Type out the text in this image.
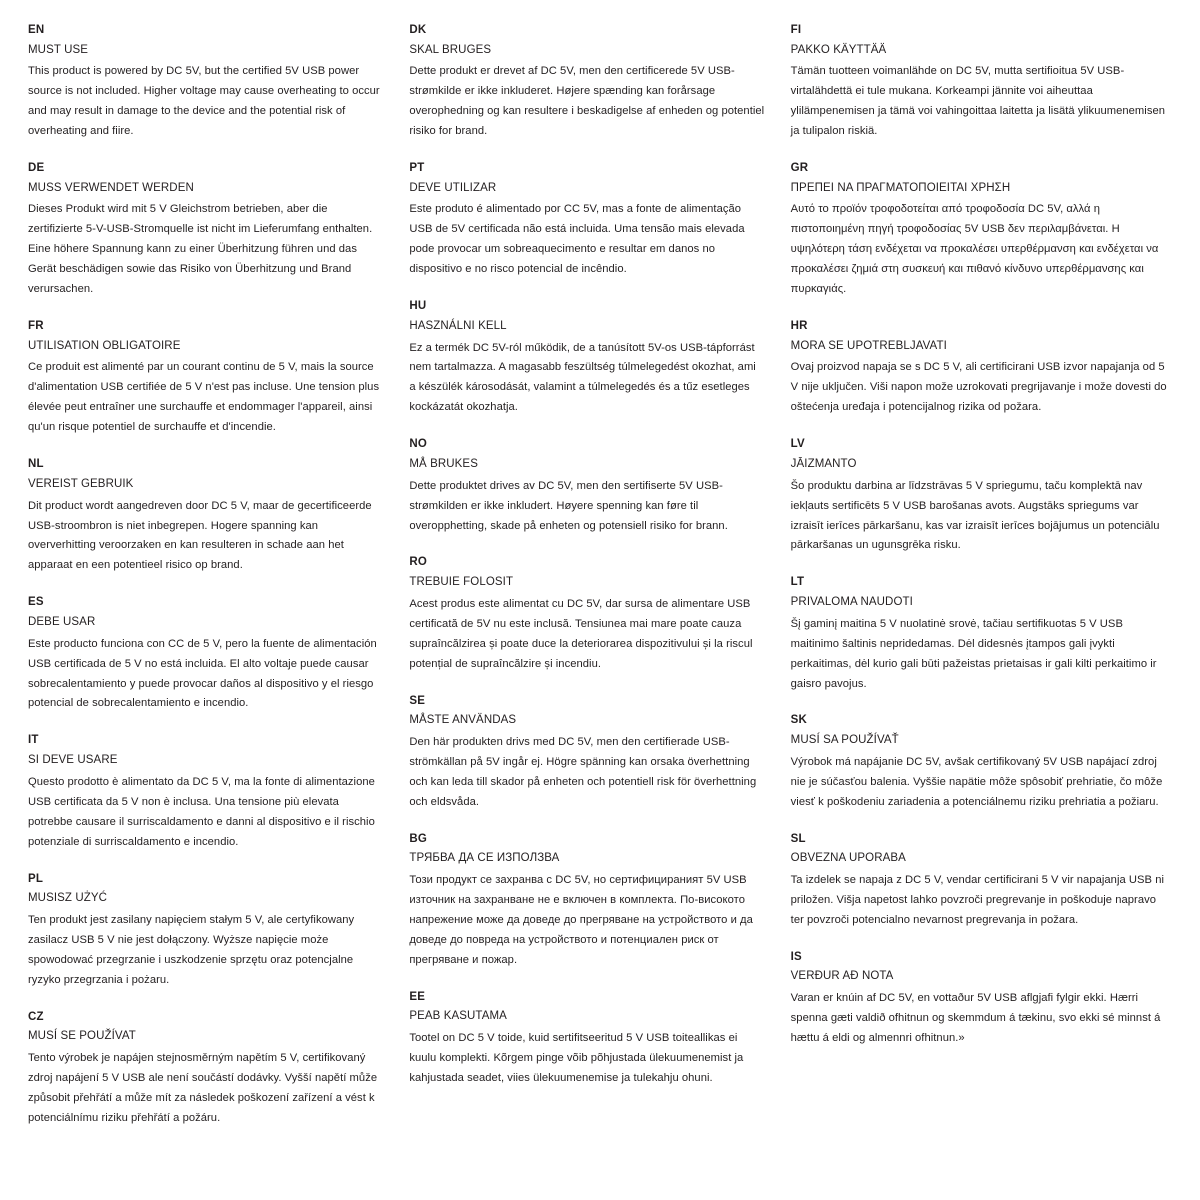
EN
MUST USE
This product is powered by DC 5V, but the certified 5V USB power source is not included. Higher voltage may cause overheating to occur and may result in damage to the device and the potential risk of overheating and fiire.
DE
MUSS VERWENDET WERDEN
Dieses Produkt wird mit 5 V Gleichstrom betrieben, aber die zertifizierte 5-V-USB-Stromquelle ist nicht im Lieferumfang enthalten. Eine höhere Spannung kann zu einer Überhitzung führen und das Gerät beschädigen sowie das Risiko von Überhitzung und Brand verursachen.
FR
UTILISATION OBLIGATOIRE
Ce produit est alimenté par un courant continu de 5 V, mais la source d'alimentation USB certifiée de 5 V n'est pas incluse. Une tension plus élevée peut entraîner une surchauffe et endommager l'appareil, ainsi qu'un risque potentiel de surchauffe et d'incendie.
NL
VEREIST GEBRUIK
Dit product wordt aangedreven door DC 5 V, maar de gecertificeerde USB-stroombron is niet inbegrepen. Hogere spanning kan oververhitting veroorzaken en kan resulteren in schade aan het apparaat en een potentieel risico op brand.
ES
DEBE USAR
Este producto funciona con CC de 5 V, pero la fuente de alimentación USB certificada de 5 V no está incluida. El alto voltaje puede causar sobrecalentamiento y puede provocar daños al dispositivo y el riesgo potencial de sobrecalentamiento e incendio.
IT
SI DEVE USARE
Questo prodotto è alimentato da DC 5 V, ma la fonte di alimentazione USB certificata da 5 V non è inclusa. Una tensione più elevata potrebbe causare il surriscaldamento e danni al dispositivo e il rischio potenziale di surriscaldamento e incendio.
PL
MUSISZ UŻYĆ
Ten produkt jest zasilany napięciem stałym 5 V, ale certyfikowany zasilacz USB 5 V nie jest dołączony. Wyższe napięcie może spowodować przegrzanie i uszkodzenie sprzętu oraz potencjalne ryzyko przegrzania i pożaru.
CZ
MUSÍ SE POUŽÍVAT
Tento výrobek je napájen stejnosměrným napětím 5 V, certifikovaný zdroj napájení 5 V USB ale není součástí dodávky. Vyšší napětí může způsobit přehřátí a může mít za následek poškození zařízení a vést k potenciálnímu riziku přehřátí a požáru.
DK
SKAL BRUGES
Dette produkt er drevet af DC 5V, men den certificerede 5V USB-strømkilde er ikke inkluderet. Højere spænding kan forårsage overophedning og kan resultere i beskadigelse af enheden og potentiel risiko for brand.
PT
DEVE UTILIZAR
Este produto é alimentado por CC 5V, mas a fonte de alimentação USB de 5V certificada não está incluida. Uma tensão mais elevada pode provocar um sobreaquecimento e resultar em danos no dispositivo e no risco potencial de incêndio.
HU
HASZNÁLNI KELL
Ez a termék DC 5V-ról működik, de a tanúsított 5V-os USB-tápforrást nem tartalmazza. A magasabb feszültség túlmelegedést okozhat, ami a készülék károsodását, valamint a túlmelegedés és a tűz esetleges kockázatát okozhatja.
NO
MÅ BRUKES
Dette produktet drives av DC 5V, men den sertifiserte 5V USB-strømkilden er ikke inkludert. Høyere spenning kan føre til overopphetting, skade på enheten og potensiell risiko for brann.
RO
TREBUIE FOLOSIT
Acest produs este alimentat cu DC 5V, dar sursa de alimentare USB certificată de 5V nu este inclusă. Tensiunea mai mare poate cauza supraîncălzirea și poate duce la deteriorarea dispozitivului și la riscul potențial de supraîncălzire și incendiu.
SE
MÅSTE ANVÄNDAS
Den här produkten drivs med DC 5V, men den certifierade USB-strömkällan på 5V ingår ej. Högre spänning kan orsaka överhettning och kan leda till skador på enheten och potentiell risk för överhettning och eldsvåda.
BG
ТРЯБВА ДА СЕ ИЗПОЛЗВА
Този продукт се захранва с DC 5V, но сертифицираният 5V USB източник на захранване не е включен в комплекта. По-високото напрежение може да доведе до прегряване на устройството и да доведе до повреда на устройството и потенциален риск от прегряване и пожар.
EE
PEAB KASUTAMA
Tootel on DC 5 V toide, kuid sertifitseeritud 5 V USB toiteallikas ei kuulu komplekti. Kõrgem pinge võib põhjustada ülekuumenemist ja kahjustada seadet, viies ülekuumenemise ja tulekahju ohuni.
FI
PAKKO KÄYTTÄÄ
Tämän tuotteen voimanlähde on DC 5V, mutta sertifioitua 5V USB-virtalähdettä ei tule mukana. Korkeampi jännite voi aiheuttaa ylilämpenemisen ja tämä voi vahingoittaa laitetta ja lisätä ylikuumenemisen ja tulipalon riskiä.
GR
ΠΡΕΠΕΙ ΝΑ ΠΡΑΓΜΑΤΟΠΟΙΕΙΤΑΙ ΧΡΗΣΗ
Αυτό το προϊόν τροφοδοτείται από τροφοδοσία DC 5V, αλλά η πιστοποιημένη πηγή τροφοδοσίας 5V USB δεν περιλαμβάνεται. Η υψηλότερη τάση ενδέχεται να προκαλέσει υπερθέρμανση και ενδέχεται να προκαλέσει ζημιά στη συσκευή και πιθανό κίνδυνο υπερθέρμανσης και πυρκαγιάς.
HR
MORA SE UPOTREBLJAVATI
Ovaj proizvod napaja se s DC 5 V, ali certificirani USB izvor napajanja od 5 V nije uključen. Viši napon može uzrokovati pregrijavanje i može dovesti do oštećenja uređaja i potencijalnog rizika od požara.
LV
JĀIZMANTO
Šo produktu darbina ar līdzstrāvas 5 V spriegumu, taču komplektā nav iekļauts sertificēts 5 V USB barošanas avots. Augstāks spriegums var izraisīt ierīces pārkaršanu, kas var izraisīt ierīces bojājumus un potenciālu pārkaršanas un ugunsgrēka risku.
LT
PRIVALOMA NAUDOTI
Šį gaminį maitina 5 V nuolatinė srovė, tačiau sertifikuotas 5 V USB maitinimo šaltinis nepridedamas. Dėl didesnės įtampos gali įvykti perkaitimas, dėl kurio gali būti pažeistas prietaisas ir gali kilti perkaitimo ir gaisro pavojus.
SK
MUSÍ SA POUŽÍVAŤ
Výrobok má napájanie DC 5V, avšak certifikovaný 5V USB napájací zdroj nie je súčasťou balenia. Vyššie napätie môže spôsobiť prehriatie, čo môže viesť k poškodeniu zariadenia a potenciálnemu riziku prehriatia a požiaru.
SL
OBVEZNA UPORABA
Ta izdelek se napaja z DC 5 V, vendar certificirani 5 V vir napajanja USB ni priložen. Višja napetost lahko povzroči pregrevanje in poškoduje napravo ter povzroči potencialno nevarnost pregrevanja in požara.
IS
VERÐUR AÐ NOTA
Varan er knúin af DC 5V, en vottaður 5V USB aflgjafi fylgir ekki. Hærri spenna gæti valdið ofhitnun og skemmdum á tækinu, svo ekki sé minnst á hættu á eldi og almennri ofhitnun.»
